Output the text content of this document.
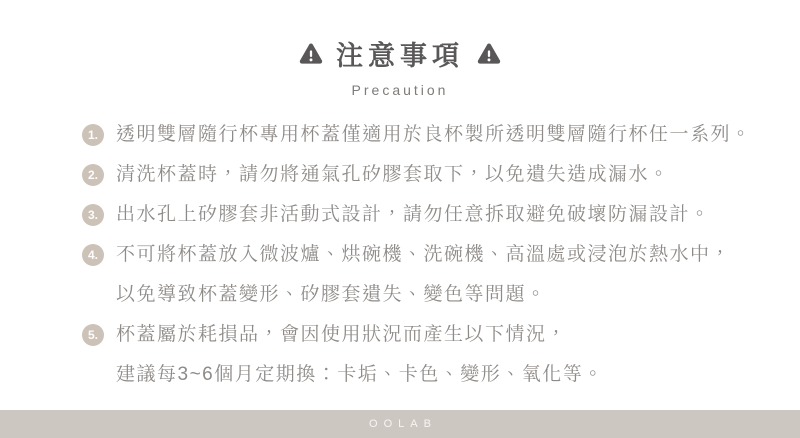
注意事項
Precaution
1. 透明雙層隨行杯專用杯蓋僅適用於良杯製所透明雙層隨行杯任一系列。
2. 清洗杯蓋時，請勿將通氣孔矽膠套取下，以免遺失造成漏水。
3. 出水孔上矽膠套非活動式設計，請勿任意拆取避免破壞防漏設計。
4. 不可將杯蓋放入微波爐、烘碗機、洗碗機、高溫處或浸泡於熱水中，
以免導致杯蓋變形、矽膠套遺失、變色等問題。
5. 杯蓋屬於耗損品，會因使用狀況而產生以下情況，
建議每3~6個月定期換：卡垢、卡色、變形、氧化等。
OOLAB
